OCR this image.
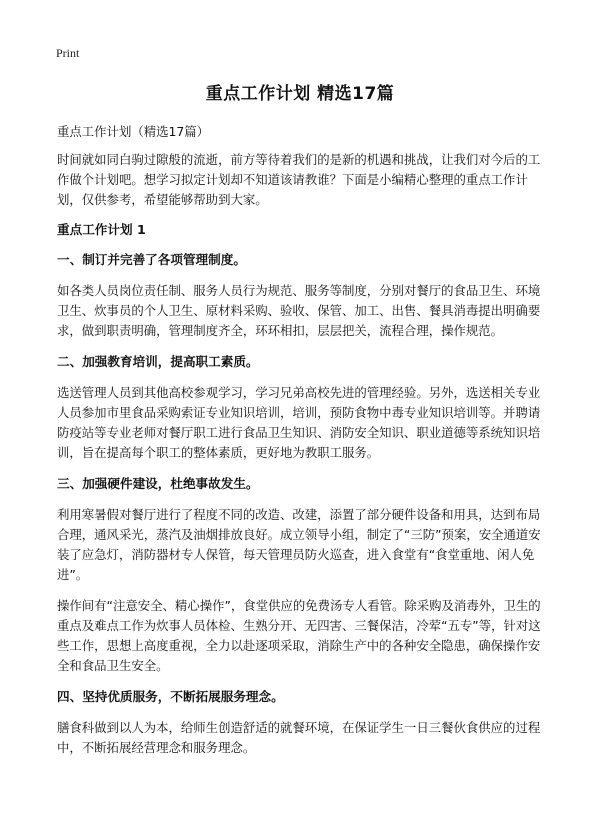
Print
重点工作计划 精选17篇

重点工作计划（精选17篇）

时间就如同白驹过隙般的流逝，前方等待着我们的是新的机遇和挑战，让我们对今后的工作做个计划吧。想学习拟定计划却不知道该请教谁？下面是小编精心整理的重点工作计划，仅供参考，希望能够帮助到大家。

重点工作计划 1

一、制订并完善了各项管理制度。

如各类人员岗位责任制、服务人员行为规范、服务等制度，分别对餐厅的食品卫生、环境卫生、炊事员的个人卫生、原材料采购、验收、保管、加工、出售、餐具消毒提出明确要求，做到职责明确，管理制度齐全，环环相扣，层层把关，流程合理，操作规范。

二、加强教育培训，提高职工素质。

选送管理人员到其他高校参观学习，学习兄弟高校先进的管理经验。另外，选送相关专业人员参加市里食品采购索证专业知识培训，培训，预防食物中毒专业知识培训等。并聘请防疫站等专业老师对餐厅职工进行食品卫生知识、消防安全知识、职业道德等系统知识培训，旨在提高每个职工的整体素质，更好地为教职工服务。

三、加强硬件建设，杜绝事故发生。

利用寒暑假对餐厅进行了程度不同的改造、改建，添置了部分硬件设备和用具，达到布局合理，通风采光，蒸汽及油烟排放良好。成立领导小组，制定了“三防”预案，安全通道安装了应急灯，消防器材专人保管，每天管理员防火巡查，进入食堂有“食堂重地、闲人免进”。

操作间有“注意安全、精心操作”，食堂供应的免费汤专人看管。除采购及消毒外，卫生的重点及难点工作为炊事人员体检、生熟分开、无四害、三餐保洁，冷荤“五专”等，针对这些工作，思想上高度重视，全力以赴逐项采取，消除生产中的各种安全隐患，确保操作安全和食品卫生安全。

四、坚持优质服务，不断拓展服务理念。

膳食科做到以人为本，给师生创造舒适的就餐环境，在保证学生一日三餐伙食供应的过程中，不断拓展经营理念和服务理念。
